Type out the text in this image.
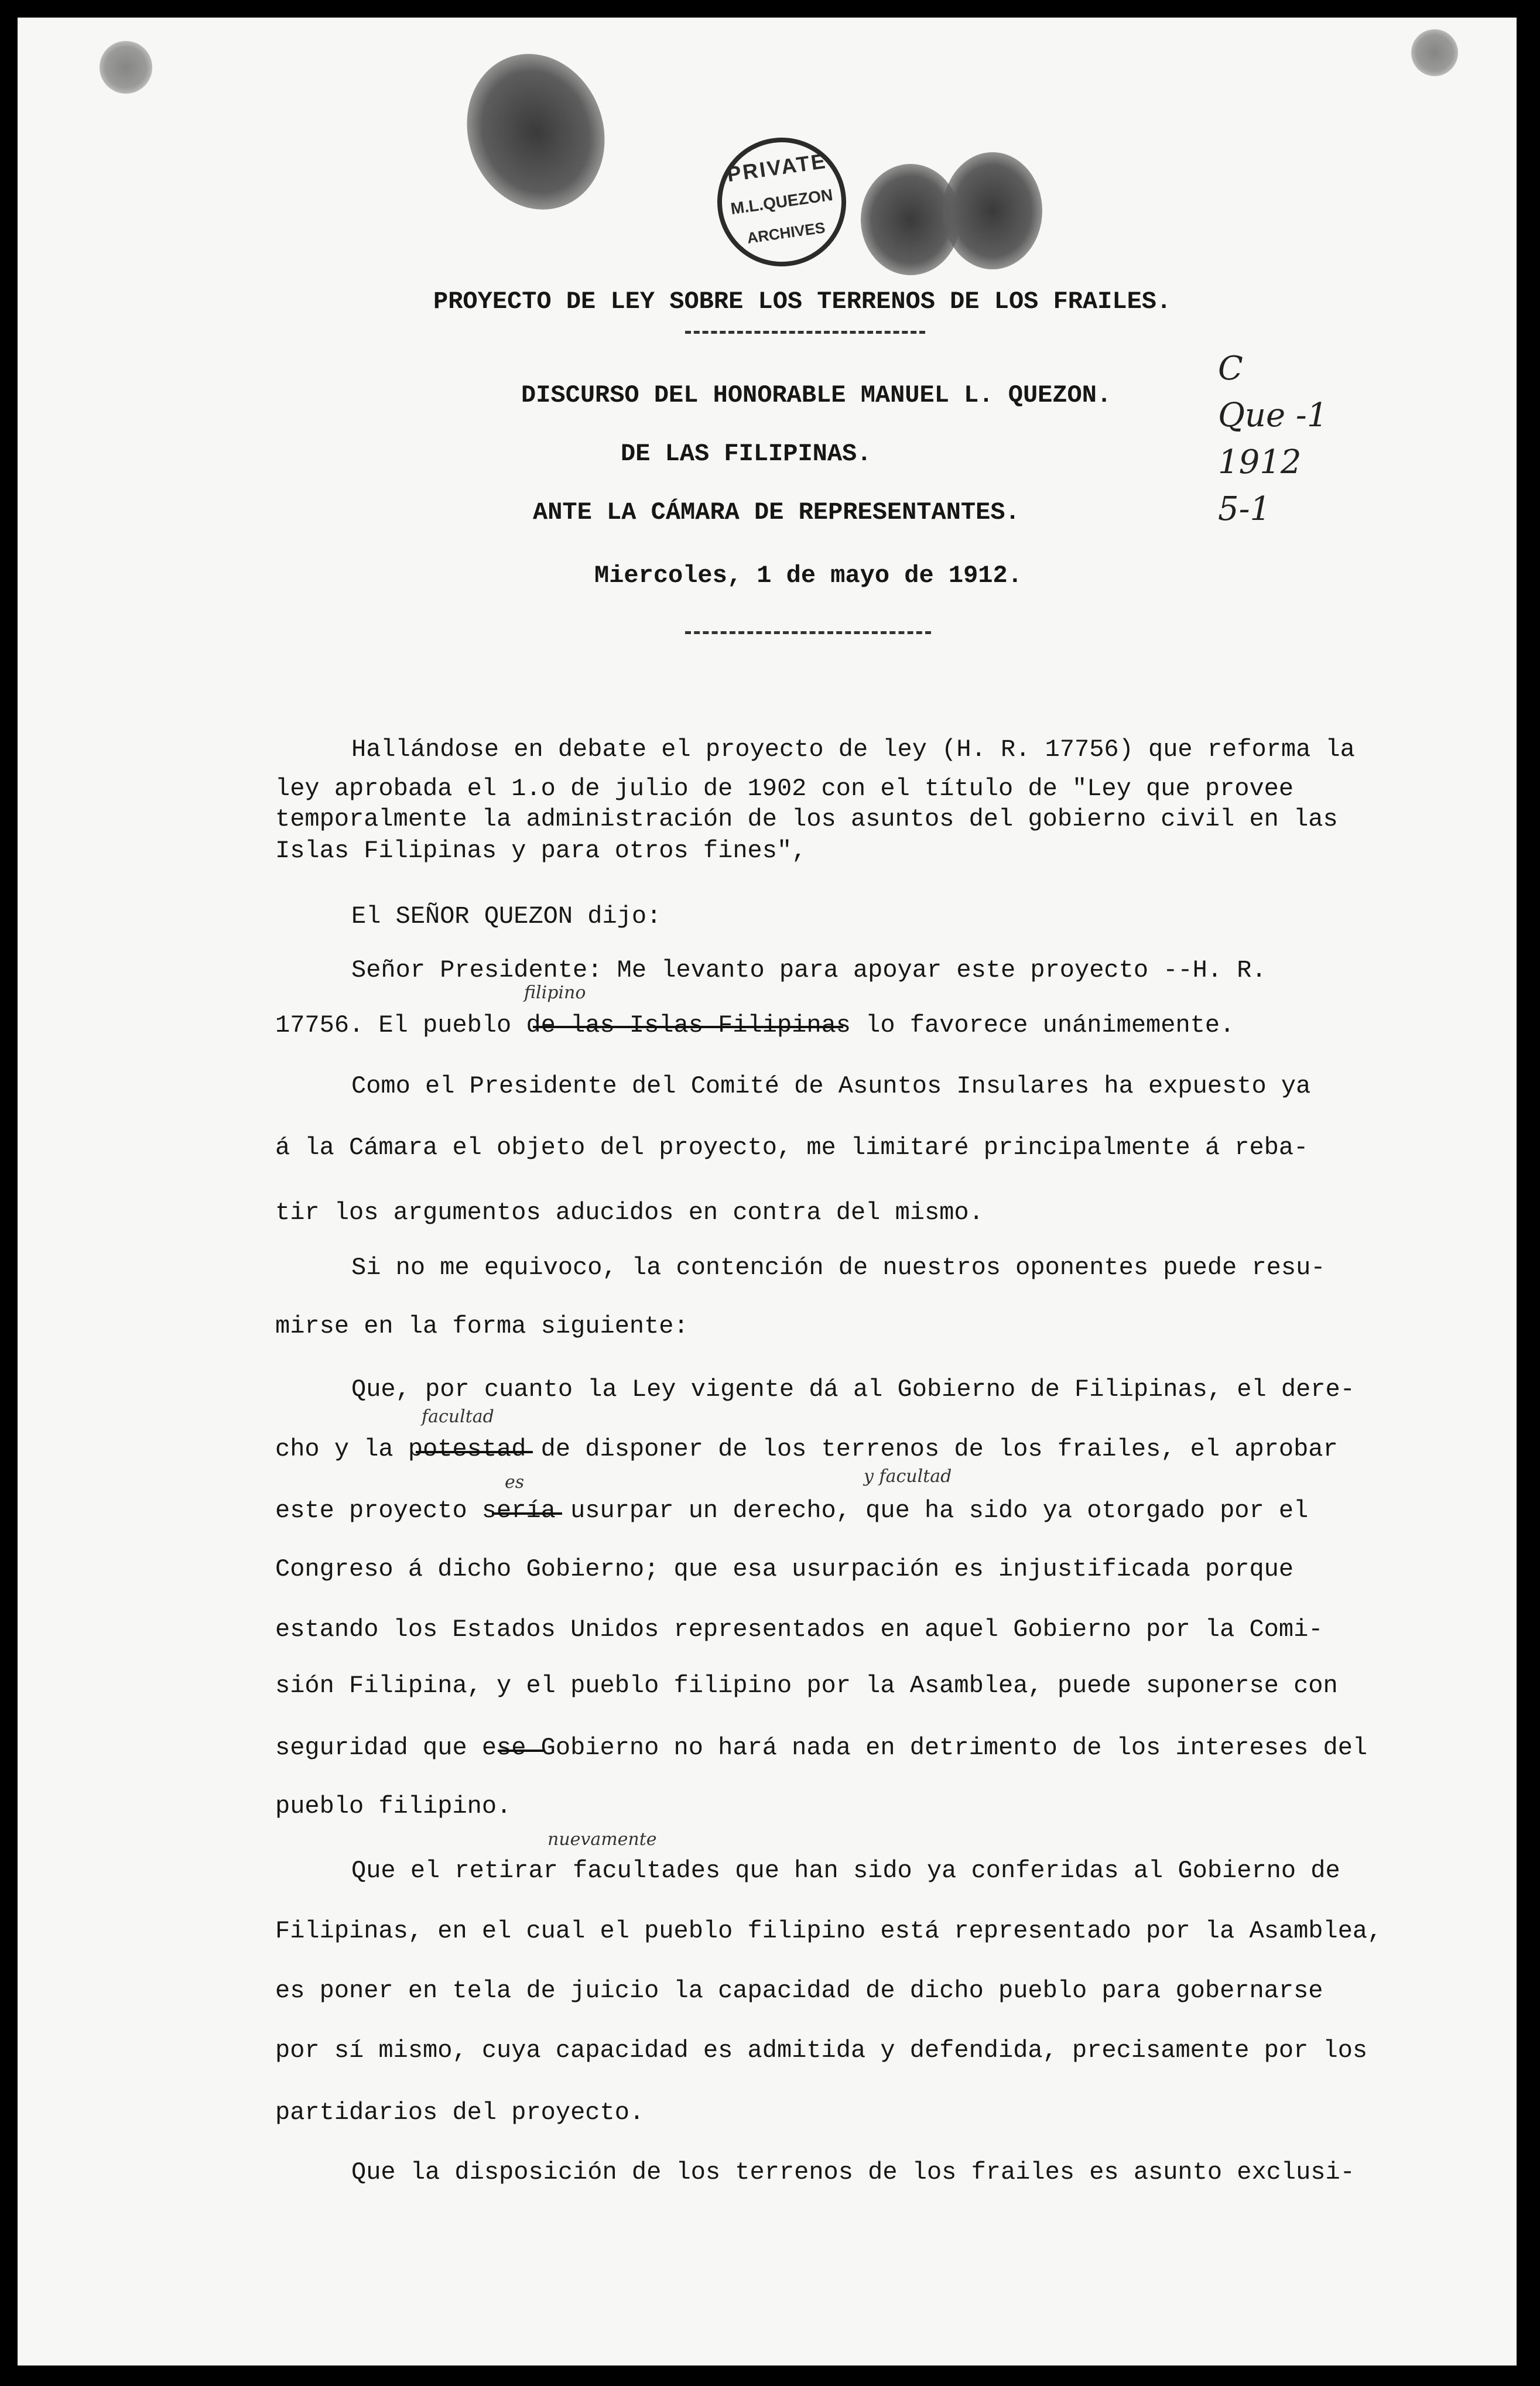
PRIVATE
M.L.QUEZON
ARCHIVES
C
Que -1
1912
5-1

PROYECTO DE LEY SOBRE LOS TERRENOS DE LOS FRAILES.

DISCURSO DEL HONORABLE MANUEL L. QUEZON.

DE LAS FILIPINAS.

ANTE LA CÁMARA DE REPRESENTANTES.

Miercoles, 1 de mayo de 1912.

Hallándose en debate el proyecto de ley (H. R. 17756) que reforma la

ley aprobada el 1.o de julio de 1902 con el título de "Ley que provee

temporalmente la administración de los asuntos del gobierno civil en las

Islas Filipinas y para otros fines",

El SEÑOR QUEZON dijo:

Señor Presidente: Me levanto para apoyar este proyecto --H. R.

17756. El pueblo de las Islas Filipinas lo favorece unánimemente.

Como el Presidente del Comité de Asuntos Insulares ha expuesto ya

á la Cámara el objeto del proyecto, me limitaré principalmente á reba-

tir los argumentos aducidos en contra del mismo.

Si no me equivoco, la contención de nuestros oponentes puede resu-

mirse en la forma siguiente:

Que, por cuanto la Ley vigente dá al Gobierno de Filipinas, el dere-

cho y la potestad de disponer de los terrenos de los frailes, el aprobar

este proyecto sería usurpar un derecho, que ha sido ya otorgado por el

Congreso á dicho Gobierno; que esa usurpación es injustificada porque

estando los Estados Unidos representados en aquel Gobierno por la Comi-

sión Filipina, y el pueblo filipino por la Asamblea, puede suponerse con

seguridad que ese Gobierno no hará nada en detrimento de los intereses del

pueblo filipino.

Que el retirar facultades que han sido ya conferidas al Gobierno de

Filipinas, en el cual el pueblo filipino está representado por la Asamblea,

es poner en tela de juicio la capacidad de dicho pueblo para gobernarse

por sí mismo, cuya capacidad es admitida y defendida, precisamente por los

partidarios del proyecto.

Que la disposición de los terrenos de los frailes es asunto exclusi-

filipino
facultad
es	y facultad
nuevamente
